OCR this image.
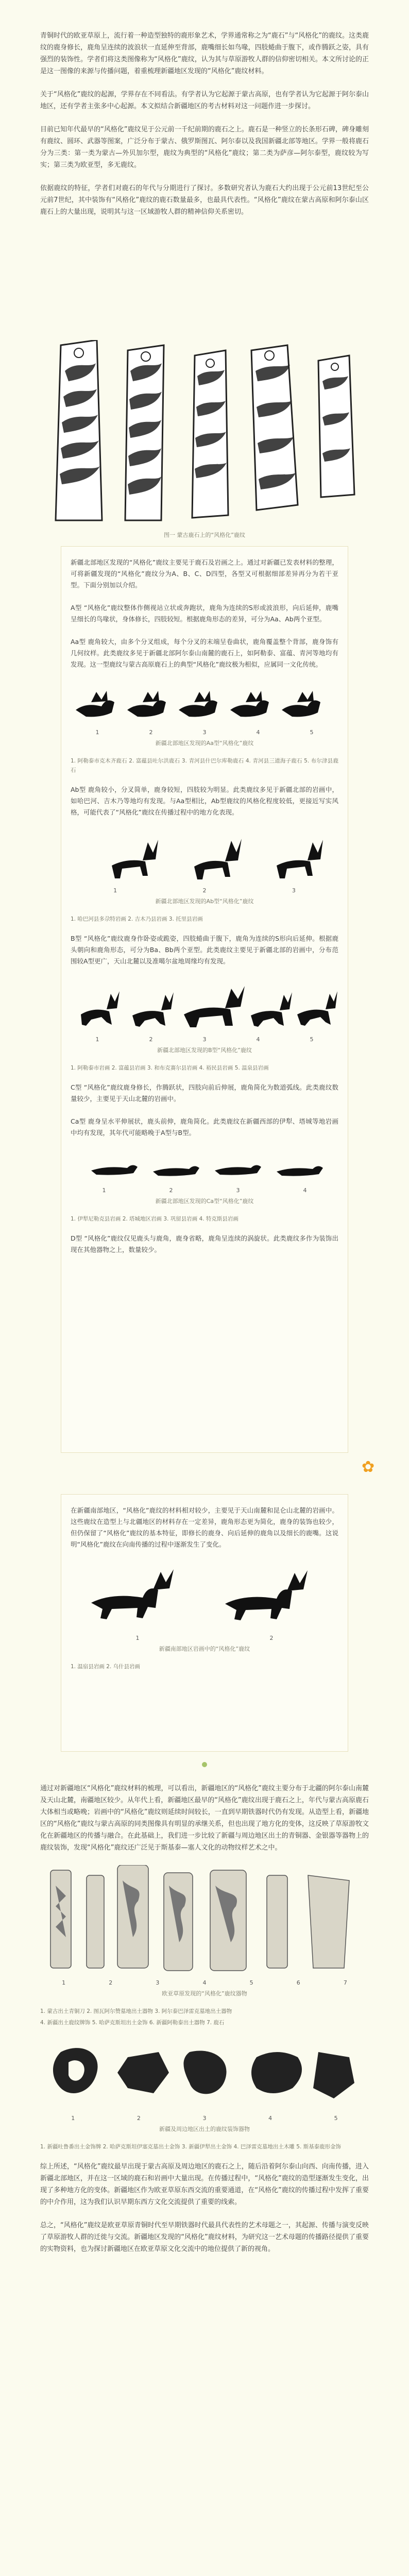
青铜时代的欧亚草原上，流行着一种造型独特的鹿形象艺术，学界通常称之为“鹿石”与“风格化”的鹿纹。这类鹿纹的鹿身修长，鹿角呈连续的波浪状一直延伸至背部，鹿嘴细长如鸟喙，四肢蜷曲于腹下，或作腾跃之姿，具有强烈的装饰性。学者们将这类图像称为“风格化”鹿纹，认为其与草原游牧人群的信仰密切相关。本文所讨论的正是这一图像的来源与传播问题，着重梳理新疆地区发现的“风格化”鹿纹材料。

关于“风格化”鹿纹的起源，学界存在不同看法。有学者认为它起源于蒙古高原，也有学者认为它起源于阿尔泰山地区，还有学者主张多中心起源。本文拟结合新疆地区的考古材料对这一问题作进一步探讨。

目前已知年代最早的“风格化”鹿纹见于公元前一千纪前期的鹿石之上。鹿石是一种竖立的长条形石碑，碑身雕刻有鹿纹、圆环、武器等图案，广泛分布于蒙古、俄罗斯图瓦、阿尔泰以及我国新疆北部等地区。学界一般将鹿石分为三类：第一类为蒙古—外贝加尔型，鹿纹为典型的“风格化”鹿纹；第二类为萨彦—阿尔泰型，鹿纹较为写实；第三类为欧亚型，多无鹿纹。

依据鹿纹的特征，学者们对鹿石的年代与分期进行了探讨。多数研究者认为鹿石大约出现于公元前13世纪至公元前7世纪，其中装饰有“风格化”鹿纹的鹿石数量最多，也最具代表性。“风格化”鹿纹在蒙古高原和阿尔泰山区鹿石上的大量出现，说明其与这一区域游牧人群的精神信仰关系密切。

图一 蒙古鹿石上的“风格化”鹿纹

新疆北部地区发现的“风格化”鹿纹主要见于鹿石及岩画之上。通过对新疆已发表材料的整理，可将新疆发现的“风格化”鹿纹分为A、B、C、D四型，各型又可根据细部差异再分为若干亚型。下面分别加以介绍。

A型 “风格化”鹿纹整体作侧视站立状或奔跑状，鹿角为连续的S形或波浪形，向后延伸，鹿嘴呈细长的鸟喙状，身体修长，四肢较短。根据鹿角形态的差异，可分为Aa、Ab两个亚型。

Aa型 鹿角较大，由多个分叉组成，每个分叉的末端呈卷曲状，鹿角覆盖整个背部，鹿身饰有几何纹样。此类鹿纹多见于新疆北部阿尔泰山南麓的鹿石上，如阿勒泰、富蕴、青河等地均有发现。这一型鹿纹与蒙古高原鹿石上的典型“风格化”鹿纹极为相似，应属同一文化传统。

1	2	3	4	5
新疆北部地区发现的Aa型“风格化”鹿纹

1. 阿勒泰市克木齐鹿石 2. 富蕴县吐尔洪鹿石 3. 青河县什巴尔库勒鹿石 4. 青河县三道海子鹿石 5. 布尔津县鹿石

Ab型 鹿角较小，分叉简单，鹿身较短，四肢较为明显。此类鹿纹多见于新疆北部的岩画中，如哈巴河、吉木乃等地均有发现。与Aa型相比，Ab型鹿纹的风格化程度较低，更接近写实风格，可能代表了“风格化”鹿纹在传播过程中的地方化表现。

1	2	3
新疆北部地区发现的Ab型“风格化”鹿纹

1. 哈巴河县多尕特岩画 2. 吉木乃县岩画 3. 托里县岩画

B型 “风格化”鹿纹鹿身作卧姿或跪姿，四肢蜷曲于腹下，鹿角为连续的S形向后延伸。根据鹿头朝向和鹿角形态，可分为Ba、Bb两个亚型。此类鹿纹主要见于新疆北部的岩画中，分布范围较A型更广，天山北麓以及准噶尔盆地周缘均有发现。

1	2	3	4	5
新疆北部地区发现的B型“风格化”鹿纹

1. 阿勒泰市岩画 2. 富蕴县岩画 3. 和布克赛尔县岩画 4. 裕民县岩画 5. 温泉县岩画

C型 “风格化”鹿纹鹿身修长，作腾跃状，四肢向前后伸展，鹿角简化为数道弧线。此类鹿纹数量较少，主要见于天山北麓的岩画中。

Ca型 鹿身呈水平伸展状，鹿头前伸，鹿角简化。此类鹿纹在新疆西部的伊犁、塔城等地岩画中均有发现，其年代可能略晚于A型与B型。

1	2	3	4
新疆北部地区发现的Ca型“风格化”鹿纹

1. 伊犁尼勒克县岩画 2. 塔城地区岩画 3. 巩留县岩画 4. 特克斯县岩画

D型 “风格化”鹿纹仅见鹿头与鹿角，鹿身省略，鹿角呈连续的涡旋状。此类鹿纹多作为装饰出现在其他器物之上，数量较少。

✿

在新疆南部地区，“风格化”鹿纹的材料相对较少，主要见于天山南麓和昆仑山北麓的岩画中。这些鹿纹在造型上与北疆地区的材料存在一定差异，鹿角形态更为简化，鹿身的装饰也较少，但仍保留了“风格化”鹿纹的基本特征，即修长的鹿身、向后延伸的鹿角以及细长的鹿嘴。这说明“风格化”鹿纹在向南传播的过程中逐渐发生了变化。

1	2
新疆南部地区岩画中的“风格化”鹿纹

1. 温宿县岩画 2. 乌什县岩画

通过对新疆地区“风格化”鹿纹材料的梳理，可以看出，新疆地区的“风格化”鹿纹主要分布于北疆的阿尔泰山南麓及天山北麓，南疆地区较少。从年代上看，新疆地区最早的“风格化”鹿纹出现于鹿石之上，年代与蒙古高原鹿石大体相当或略晚；岩画中的“风格化”鹿纹则延续时间较长，一直到早期铁器时代仍有发现。从造型上看，新疆地区的“风格化”鹿纹与蒙古高原的同类图像具有明显的承继关系，但也出现了地方化的变体，这反映了草原游牧文化在新疆地区的传播与融合。在此基础上，我们进一步比较了新疆与周边地区出土的青铜器、金银器等器物上的鹿纹装饰，发现“风格化”鹿纹还广泛见于斯基泰—塞人文化的动物纹样艺术之中。

1	2	3	4	5	6	7
欧亚草原发现的“风格化”鹿纹器物

1. 蒙古出土青铜刀 2. 图瓦阿尔赞墓地出土器物 3. 阿尔泰巴泽雷克墓地出土器物

4. 新疆出土鹿纹牌饰 5. 哈萨克斯坦出土金饰 6. 新疆阿勒泰出土器物 7. 鹿石

1	2	3	4	5
新疆及周边地区出土的鹿纹装饰器物

1. 新疆吐鲁番出土金饰牌 2. 哈萨克斯坦伊塞克墓出土金饰 3. 新疆伊犁出土金饰 4. 巴泽雷克墓地出土木雕 5. 斯基泰鹿形金饰

综上所述，“风格化”鹿纹最早出现于蒙古高原及周边地区的鹿石之上，随后沿着阿尔泰山向西、向南传播，进入新疆北部地区，并在这一区域的鹿石和岩画中大量出现。在传播过程中，“风格化”鹿纹的造型逐渐发生变化，出现了多种地方化的变体。新疆地区作为欧亚草原东西交流的重要通道，在“风格化”鹿纹的传播过程中发挥了重要的中介作用，这为我们认识早期东西方文化交流提供了重要的线索。

总之，“风格化”鹿纹是欧亚草原青铜时代至早期铁器时代最具代表性的艺术母题之一，其起源、传播与演变反映了草原游牧人群的迁徙与交流。新疆地区发现的“风格化”鹿纹材料，为研究这一艺术母题的传播路径提供了重要的实物资料，也为探讨新疆地区在欧亚草原文化交流中的地位提供了新的视角。
